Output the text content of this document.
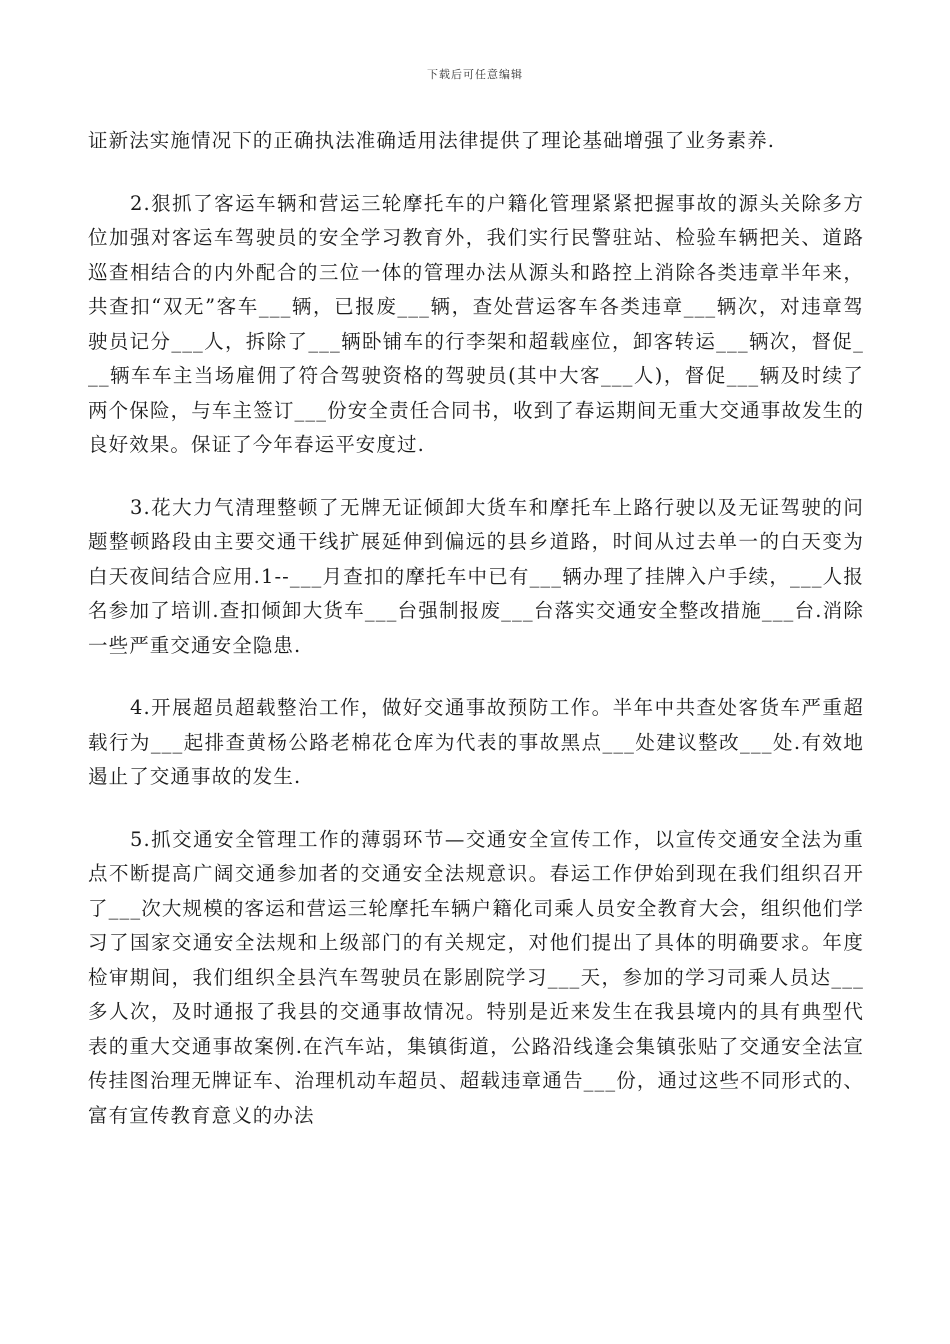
下载后可任意编辑

证新法实施情况下的正确执法准确适用法律提供了理论基础增强了业务素养.

2.狠抓了客运车辆和营运三轮摩托车的户籍化管理紧紧把握事故的源头关除多方位加强对客运车驾驶员的安全学习教育外，我们实行民警驻站、检验车辆把关、道路巡查相结合的内外配合的三位一体的管理办法从源头和路控上消除各类违章半年来，共查扣“双无”客车___辆，已报废___辆，查处营运客车各类违章___辆次，对违章驾驶员记分___人，拆除了___辆卧铺车的行李架和超载座位，卸客转运___辆次，督促___辆车车主当场雇佣了符合驾驶资格的驾驶员(其中大客___人)，督促___辆及时续了两个保险，与车主签订___份安全责任合同书，收到了春运期间无重大交通事故发生的良好效果。保证了今年春运平安度过.

3.花大力气清理整顿了无牌无证倾卸大货车和摩托车上路行驶以及无证驾驶的问题整顿路段由主要交通干线扩展延伸到偏远的县乡道路，时间从过去单一的白天变为白天夜间结合应用.1--___月查扣的摩托车中已有___辆办理了挂牌入户手续，___人报名参加了培训.查扣倾卸大货车___台强制报废___台落实交通安全整改措施___台.消除一些严重交通安全隐患.

4.开展超员超载整治工作，做好交通事故预防工作。半年中共查处客货车严重超载行为___起排查黄杨公路老棉花仓库为代表的事故黑点___处建议整改___处.有效地遏止了交通事故的发生.

5.抓交通安全管理工作的薄弱环节—交通安全宣传工作，以宣传交通安全法为重点不断提高广阔交通参加者的交通安全法规意识。春运工作伊始到现在我们组织召开了___次大规模的客运和营运三轮摩托车辆户籍化司乘人员安全教育大会，组织他们学习了国家交通安全法规和上级部门的有关规定，对他们提出了具体的明确要求。年度检审期间，我们组织全县汽车驾驶员在影剧院学习___天，参加的学习司乘人员达___多人次，及时通报了我县的交通事故情况。特别是近来发生在我县境内的具有典型代表的重大交通事故案例.在汽车站，集镇街道，公路沿线逢会集镇张贴了交通安全法宣传挂图治理无牌证车、治理机动车超员、超载违章通告___份，通过这些不同形式的、富有宣传教育意义的办法
